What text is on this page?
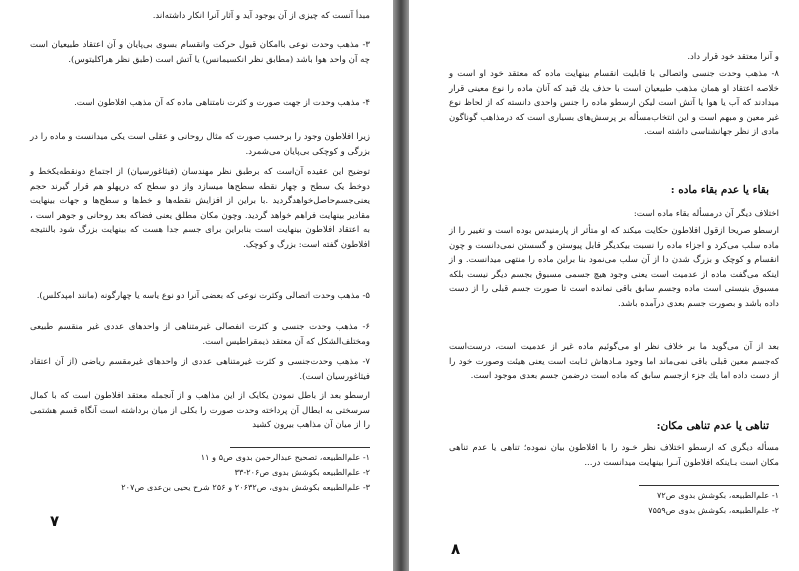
مبدأ آنست که چیزی از آن بوجود آید و آثار آنرا انکار داشته‌اند.

۳- مذهب وحدت نوعی باامکان قبول حرکت وانقسام بسوی بی‌پایان و آن اعتقاد طبیعیان است چه آن واحد هوا باشد (مطابق نظر انکسیمانس) یا آتش است (طبق نظر هراکلیتوس).

۴- مذهب وحدت از جهت صورت و کثرت نامتناهی ماده که آن مذهب افلاطون است.

زیرا افلاطون وجود را برحسب صورت که مثال روحانی و عقلی است یکی میدانست و ماده را در بزرگی و کوچکی بی‌پایان می‌شمرد.

توضیح این عقیده آن‌است که برطبق نظر مهندسان (فیثاغورسیان) از اجتماع دونقطه‌یکخط و دوخط یک سطح و چهار نقطه سطح‌ها میسازد واز دو سطح که درپهلو هم قرار گیرند حجم یعنی‌جسم‌حاصل‌خواهدگردید .با براین از افزایش نقطه‌ها و خط‌ها و سطح‌ها و جهات بینهایت مقادیر بینهایت فراهم خواهد گردید. وچون مکان مطلق یعنی فضاکه بعد روحانی و جوهر است ، به اعتقاد افلاطون بینهایت است بنابراین برای جسم جدا هست که بینهایت بزرگ شود بالنتیجه افلاطون گفته است: بزرگ و کوچک.

۵- مذهب وحدت اتصالی وکثرت نوعی که بعضی آنرا دو نوع یاسه یا چهارگونه (مانند امپدکلس).

۶- مذهب وحدت جنسی و کثرت انفصالی غیرمتناهی از واحدهای عددی غیر منقسم طبیعی ومختلف‌الشکل که آن معتقد ذیمقراطیس است.

۷- مذهب وحدت‌جنسی و کثرت غیرمتناهی عددی از واحدهای غیرمقسم ریاضی (از آن اعتقاد فیثاغورسیان است).

ارسطو بعد از باطل نمودن یکایک از این مذاهب و از آنجمله معتقد افلاطون است که با کمال سرسختی به ابطال آن پرداخته وحدت صورت را بکلی از میان برداشته است آنگاه قسم هشتمی را از میان آن مذاهب بیرون کشید

۱- علم‌الطبیعه، تصحیح عبدالرحمن بدوی ص۵ و ۱۱

۲- علم‌الطبیعه بکوشش بدوی ص۲۰۶-۳۳

۳- علم‌الطبیعه بکوشش بدوی، ص۲۰۶۳۲ و ۲۵۶ شرح یحیی بن‌عدی ص۲۰۷

۷

و آنرا معتقد خود قرار داد.

۸- مذهب وحدت جنسی واتصالی با قابلیت انقسام بینهایت ماده که معتقد خود او است و خلاصه اعتقاد او همان مذهب طبیعیان است با حذف یك قید که آنان ماده را نوع معینی قرار میدادند که آب یا هوا یا آتش است لیکن ارسطو ماده را جنس واحدی دانسته که از لحاظ نوع غیر معین و مبهم است و این انتخاب‌مسأله بر پرسش‌های بسیاری است که درمذاهب گوناگون مادی از نظر جهانشناسی داشته است.

بقاء یا عدم بقاء ماده :

اختلاف دیگر آن درمسأله بقاء ماده است:

ارسطو صریحا ازقول افلاطون حکایت میکند که او متأثر از پارمنیدس بوده است و تغییر را از ماده سلب می‌کرد و اجزاء ماده را نسبت بیکدیگر قابل پیوستن و گسستن نمی‌دانست و چون انقسام و کوچک و بزرگ شدن دا از آن سلب می‌نمود بنا براین ماده را منتهی میدانست. و از اینکه می‌گفت ماده از عدمیت است یعنی وجود هیچ جسمی مسبوق بجسم دیگر نیست بلکه مسبوق بنیستی است ماده وجسم سابق باقی نمانده است تا صورت جسم قبلی را از دست داده باشد و بصورت جسم بعدی درآمده باشد.

بعد از آن می‌گوید ما بر خلاف نظر او می‌گوئیم ماده غیر از عدمیت است، درست‌است که‌جسم معین قبلی باقی نمی‌ماند اما وجود مـادهاش ثـابت است یعنی هیئت وصورت خود را از دست داده اما یك جزء ازجسم سابق که ماده است درضمن جسم بعدی موجود است.

تناهی یا عدم تناهی مکان:

مسأله دیگری که ارسطو اختلاف نظر خـود را با افلاطون بیان نموده؛ تناهی یا عدم تناهی مکان است بـاینکه افلاطون آنـرا بینهایت میدانست در...

۱- علم‌الطبیعه، بکوشش بدوی ص۷۲

۲- علم‌الطبیعه، بکوشش بدوی ص۷۵۵۹

۸
